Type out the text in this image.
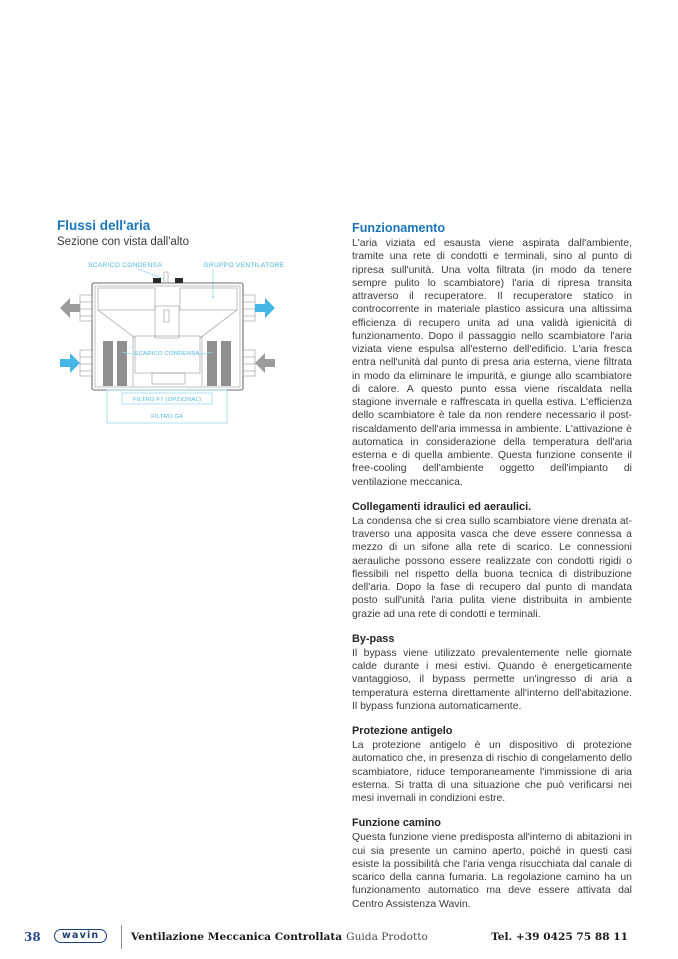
Flussi dell'aria

Sezione con vista dall'alto

SCARICO CONDENSA	GRUPPO VENTILATORE
SCARICO CONDENSA
FILTRO F7 (OPZIONAL)
FILTRO G4
Funzionamento

L'aria viziata ed esausta viene aspirata dall'ambiente, tramite una rete di condotti e terminali, sino al punto di ripresa sull'unità. Una volta filtrata (in modo da tenere sempre pulito lo scambiatore) l'aria di ripresa transita attraverso il recuperatore. Il recuperatore statico in controcorrente in materiale plastico assicura una altissima efficienza di recupero unita ad una validà igienicità di funzionamento. Dopo il passaggio nello scambiatore l'aria viziata viene espulsa all'esterno dell'edificio. L'aria fresca entra nell'unità dal punto di presa aria esterna, viene filtrata in modo da eliminare le impurità, e giunge allo scambiatore di calore. A questo punto essa viene riscaldata nella stagione invernale e raffrescata in quella estiva. L'efficienza dello scambiatore è tale da non rendere necessario il post-riscaldamento dell'aria immessa in ambiente. L'attivazione è automatica in considerazione della temperatura dell'aria esterna e di quella ambiente. Questa funzione consente il free-cooling dell'ambiente oggetto dell'impianto di ventilazione meccanica.

Collegamenti idraulici ed aeraulici.

La condensa che si crea sullo scambiatore viene drenata at-traverso una apposita vasca che deve essere connessa a mezzo di un sifone alla rete di scarico. Le connessioni aerauliche possono essere realizzate con condotti rigidi o flessibili nel rispetto della buona tecnica di distribuzione dell'aria. Dopo la fase di recupero dal punto di mandata posto sull'unità l'aria pulita viene distribuita in ambiente grazie ad una rete di condotti e terminali.

By-pass

Il bypass viene utilizzato prevalentemente nelle giornate calde durante i mesi estivi. Quando è energeticamente vantaggioso, il bypass permette un'ingresso di aria a temperatura esterna direttamente all'interno dell'abitazione. Il bypass funziona automaticamente.

Protezione antigelo

La protezione antigelo è un dispositivo di protezione automatico che, in presenza di rischio di congelamento dello scambiatore, riduce temporaneamente l'immissione di aria esterna. Si tratta di una situazione che può verificarsi nei mesi invernali in condizioni estre.

Funzione camino

Questa funzione viene predisposta all'interno di abitazioni in cui sia presente un camino aperto, poiché in questi casi esiste la possibilità che l'aria venga risucchiata dal canale di scarico della canna fumaria. La regolazione camino ha un funzionamento automatico ma deve essere attivata dal Centro Assistenza Wavin.

38	wavin	Ventilazione Meccanica Controllata Guida Prodotto	Tel. +39 0425 75 88 11
